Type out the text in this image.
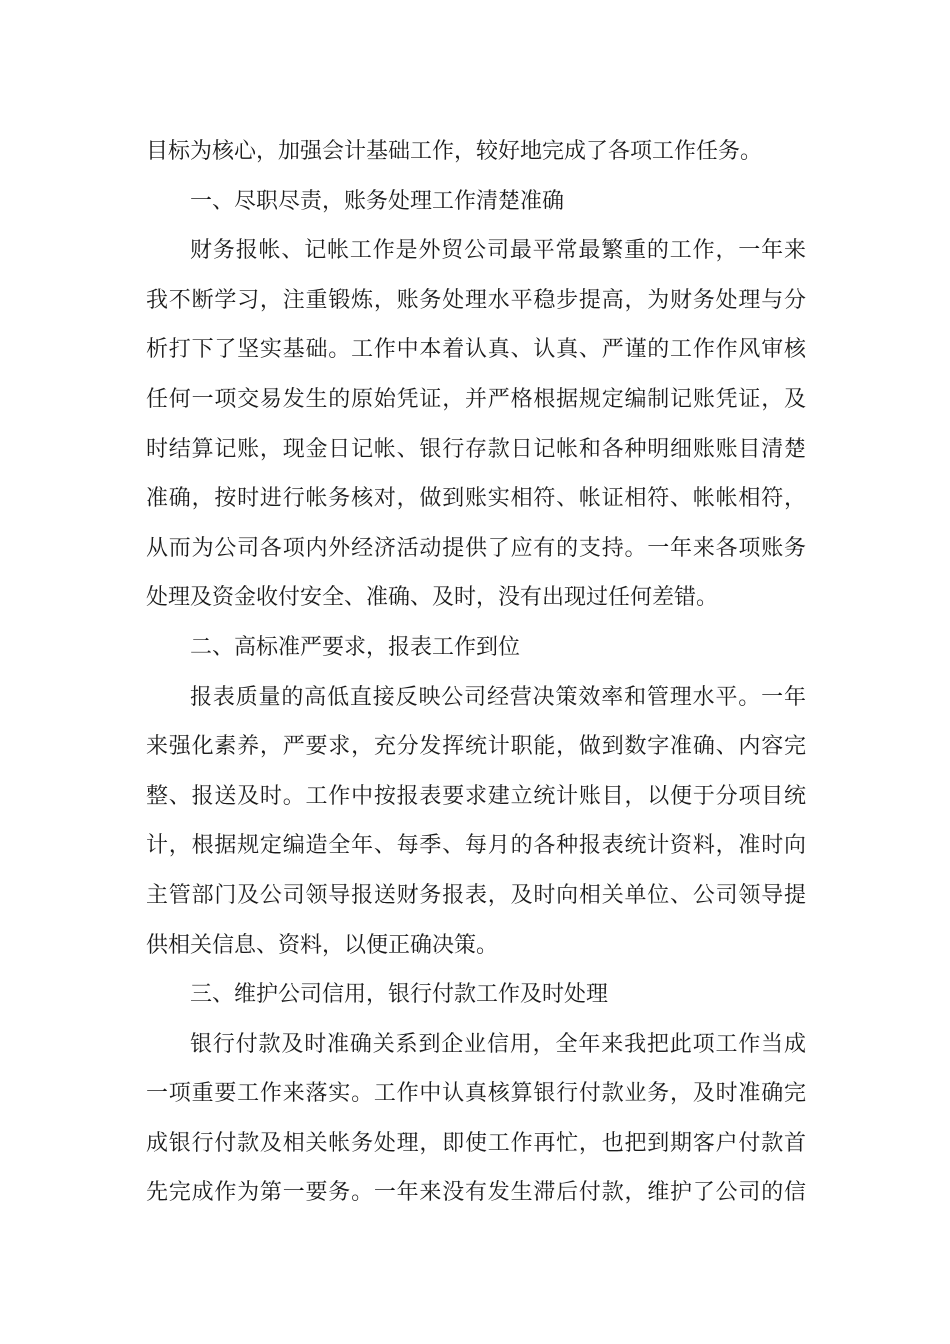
目标为核心，加强会计基础工作，较好地完成了各项工作任务。
一、尽职尽责，账务处理工作清楚准确
财务报帐、记帐工作是外贸公司最平常最繁重的工作，一年来
我不断学习，注重锻炼，账务处理水平稳步提高，为财务处理与分
析打下了坚实基础。工作中本着认真、认真、严谨的工作作风审核
任何一项交易发生的原始凭证，并严格根据规定编制记账凭证，及
时结算记账，现金日记帐、银行存款日记帐和各种明细账账目清楚
准确，按时进行帐务核对，做到账实相符、帐证相符、帐帐相符，
从而为公司各项内外经济活动提供了应有的支持。一年来各项账务
处理及资金收付安全、准确、及时，没有出现过任何差错。
二、高标准严要求，报表工作到位
报表质量的高低直接反映公司经营决策效率和管理水平。一年
来强化素养，严要求，充分发挥统计职能，做到数字准确、内容完
整、报送及时。工作中按报表要求建立统计账目，以便于分项目统
计，根据规定编造全年、每季、每月的各种报表统计资料，准时向
主管部门及公司领导报送财务报表，及时向相关单位、公司领导提
供相关信息、资料，以便正确决策。
三、维护公司信用，银行付款工作及时处理
银行付款及时准确关系到企业信用，全年来我把此项工作当成
一项重要工作来落实。工作中认真核算银行付款业务，及时准确完
成银行付款及相关帐务处理，即使工作再忙，也把到期客户付款首
先完成作为第一要务。一年来没有发生滞后付款，维护了公司的信
